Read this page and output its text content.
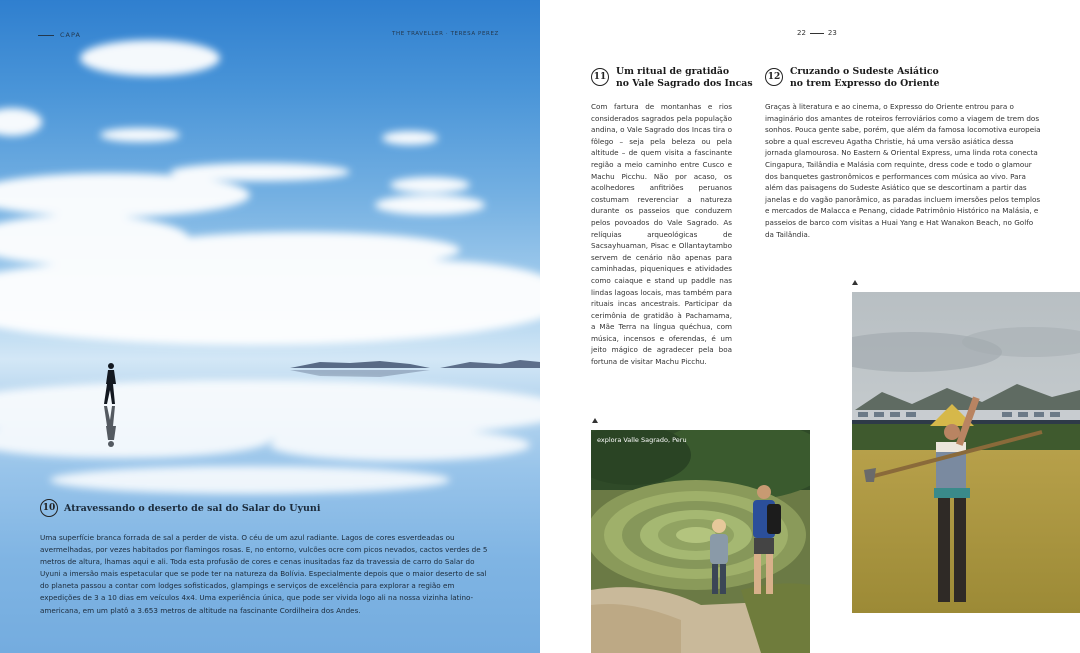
CAPA	THE TRAVELLER · TERESA PEREZ
10 Atravessando o deserto de sal do Salar do Uyuni
Uma superfície branca forrada de sal a perder de vista. O céu de um azul radiante. Lagos de cores esverdeadas ou avermelhadas, por vezes habitados por flamingos rosas. E, no entorno, vulcões ocre com picos nevados, cactos verdes de 5 metros de altura, lhamas aqui e ali. Toda esta profusão de cores e cenas inusitadas faz da travessia de carro do Salar do Uyuni a imersão mais espetacular que se pode ter na natureza da Bolívia. Especialmente depois que o maior deserto de sal do planeta passou a contar com lodges sofisticados, glampings e serviços de excelência para explorar a região em expedições de 3 a 10 dias em veículos 4x4. Uma experiência única, que pode ser vivida logo ali na nossa vizinha latino-americana, em um platô a 3.653 metros de altitude na fascinante Cordilheira dos Andes.
22	23
11 Um ritual de gratidão
no Vale Sagrado dos Incas
Com fartura de montanhas e rios considerados sagrados pela população andina, o Vale Sagrado dos Incas tira o fôlego – seja pela beleza ou pela altitude – de quem visita a fascinante região a meio caminho entre Cusco e Machu Picchu. Não por acaso, os acolhedores anfitriões peruanos costumam reverenciar a natureza durante os passeios que conduzem pelos povoados do Vale Sagrado. As relíquias arqueológicas de Sacsayhuaman, Pisac e Ollantaytambo servem de cenário não apenas para caminhadas, piqueniques e atividades como caiaque e stand up paddle nas lindas lagoas locais, mas também para rituais incas ancestrais. Participar da cerimônia de gratidão à Pachamama, a Mãe Terra na língua quéchua, com música, incensos e oferendas, é um jeito mágico de agradecer pela boa fortuna de visitar Machu Picchu.
12 Cruzando o Sudeste Asiático
no trem Expresso do Oriente
Graças à literatura e ao cinema, o Expresso do Oriente entrou para o imaginário dos amantes de roteiros ferroviários como a viagem de trem dos sonhos. Pouca gente sabe, porém, que além da famosa locomotiva europeia sobre a qual escreveu Agatha Christie, há uma versão asiática dessa jornada glamourosa. No Eastern & Oriental Express, uma linda rota conecta Cingapura, Tailândia e Malásia com requinte, dress code e todo o glamour dos banquetes gastronômicos e performances com música ao vivo. Para além das paisagens do Sudeste Asiático que se descortinam a partir das janelas e do vagão panorâmico, as paradas incluem imersões pelos templos e mercados de Malacca e Penang, cidade Patrimônio Histórico na Malásia, e passeios de barco com visitas a Huai Yang e Hat Wanakon Beach, no Golfo da Tailândia.
explora Valle Sagrado, Peru
